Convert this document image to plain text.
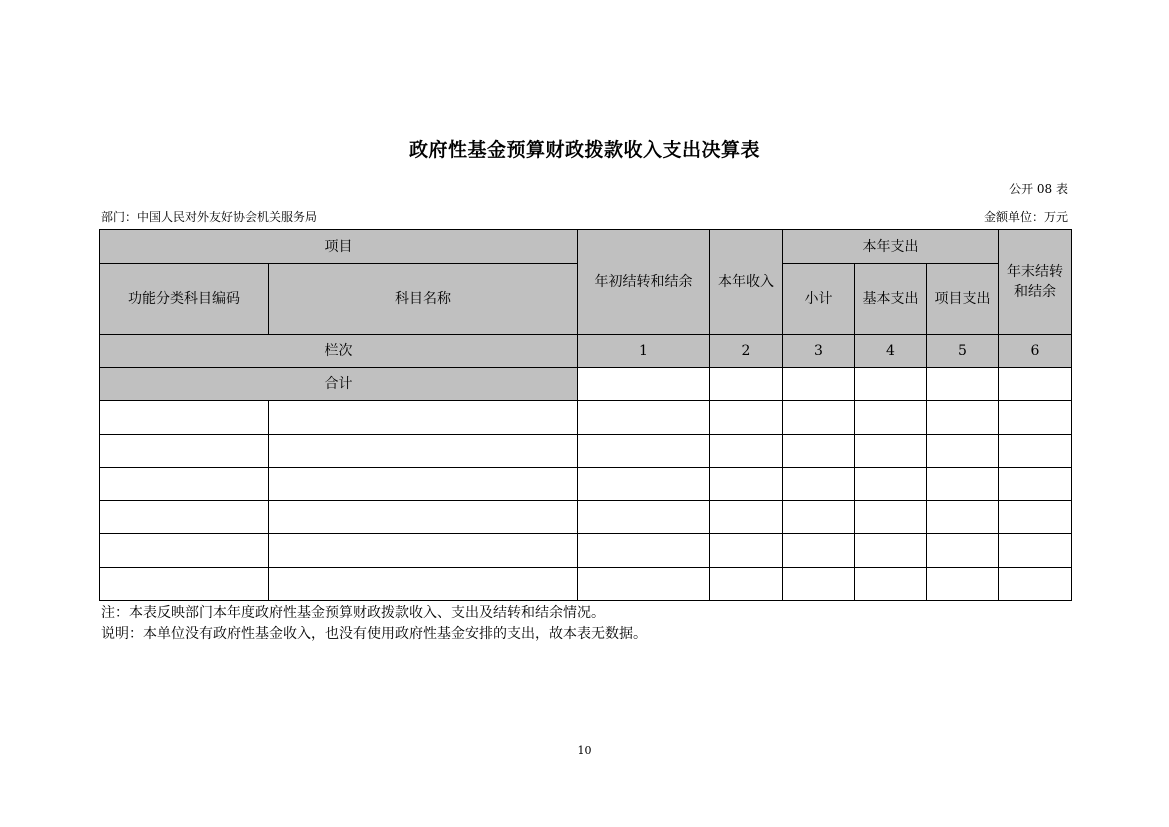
政府性基金预算财政拨款收入支出决算表
公开 08 表
部门：中国人民对外友好协会机关服务局	金额单位：万元
项目		年初结转和结余	本年收入	本年支出			年末结转和结余
功能分类科目编码	科目名称			小计	基本支出	项目支出	
栏次		1	2	3	4	5	6
合计							

注：本表反映部门本年度政府性基金预算财政拨款收入、支出及结转和结余情况。
说明：本单位没有政府性基金收入，也没有使用政府性基金安排的支出，故本表无数据。
10
